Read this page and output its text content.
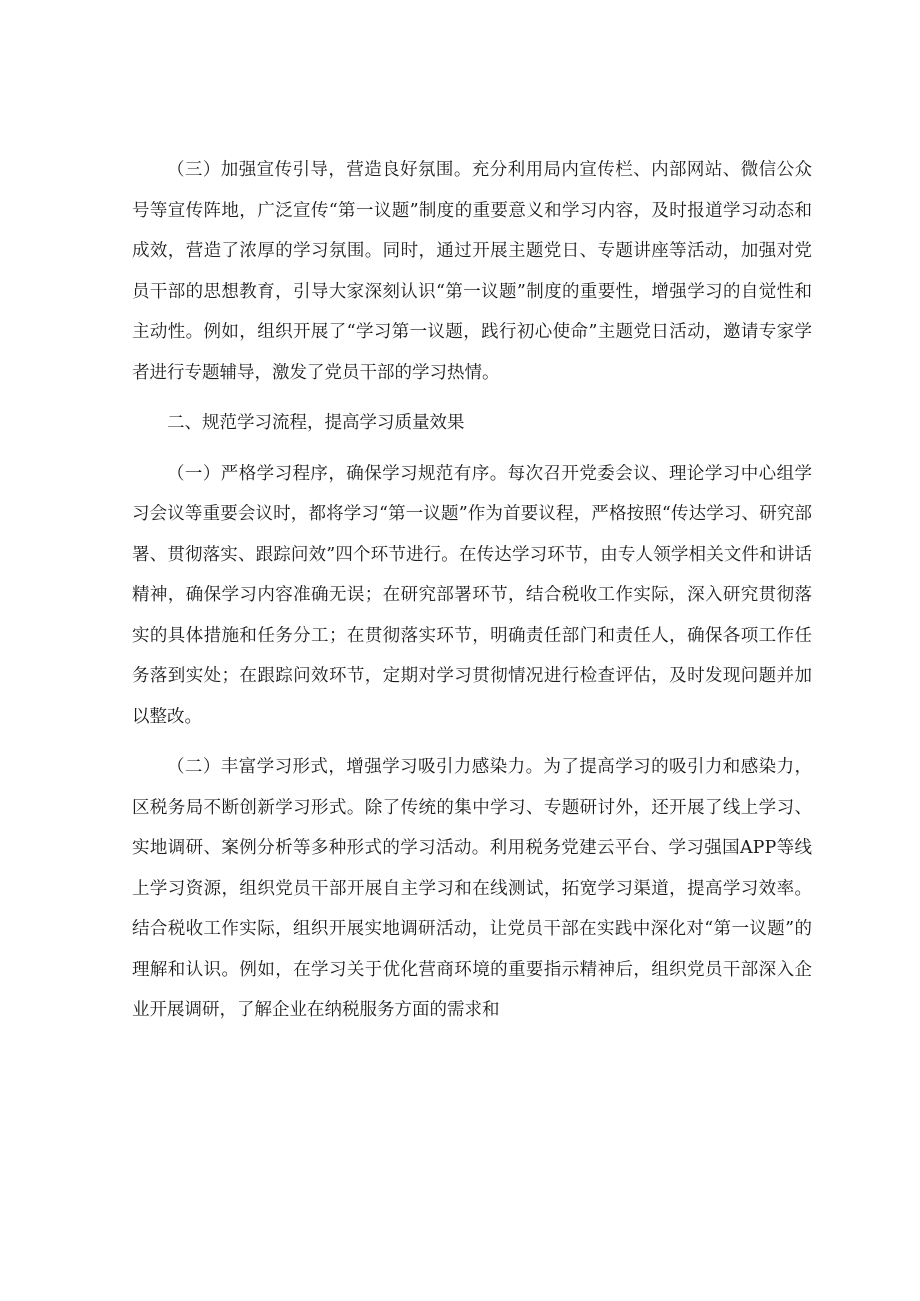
（三）加强宣传引导，营造良好氛围。充分利用局内宣传栏、内部网站、微信公众号等宣传阵地，广泛宣传“第一议题”制度的重要意义和学习内容，及时报道学习动态和成效，营造了浓厚的学习氛围。同时，通过开展主题党日、专题讲座等活动，加强对党员干部的思想教育，引导大家深刻认识“第一议题”制度的重要性，增强学习的自觉性和主动性。例如，组织开展了“学习第一议题，践行初心使命”主题党日活动，邀请专家学者进行专题辅导，激发了党员干部的学习热情。

二、规范学习流程，提高学习质量效果

（一）严格学习程序，确保学习规范有序。每次召开党委会议、理论学习中心组学习会议等重要会议时，都将学习“第一议题”作为首要议程，严格按照“传达学习、研究部署、贯彻落实、跟踪问效”四个环节进行。在传达学习环节，由专人领学相关文件和讲话精神，确保学习内容准确无误；在研究部署环节，结合税收工作实际，深入研究贯彻落实的具体措施和任务分工；在贯彻落实环节，明确责任部门和责任人，确保各项工作任务落到实处；在跟踪问效环节，定期对学习贯彻情况进行检查评估，及时发现问题并加以整改。

（二）丰富学习形式，增强学习吸引力感染力。为了提高学习的吸引力和感染力，区税务局不断创新学习形式。除了传统的集中学习、专题研讨外，还开展了线上学习、实地调研、案例分析等多种形式的学习活动。利用税务党建云平台、学习强国APP等线上学习资源，组织党员干部开展自主学习和在线测试，拓宽学习渠道，提高学习效率。结合税收工作实际，组织开展实地调研活动，让党员干部在实践中深化对“第一议题”的理解和认识。例如，在学习关于优化营商环境的重要指示精神后，组织党员干部深入企业开展调研，了解企业在纳税服务方面的需求和
